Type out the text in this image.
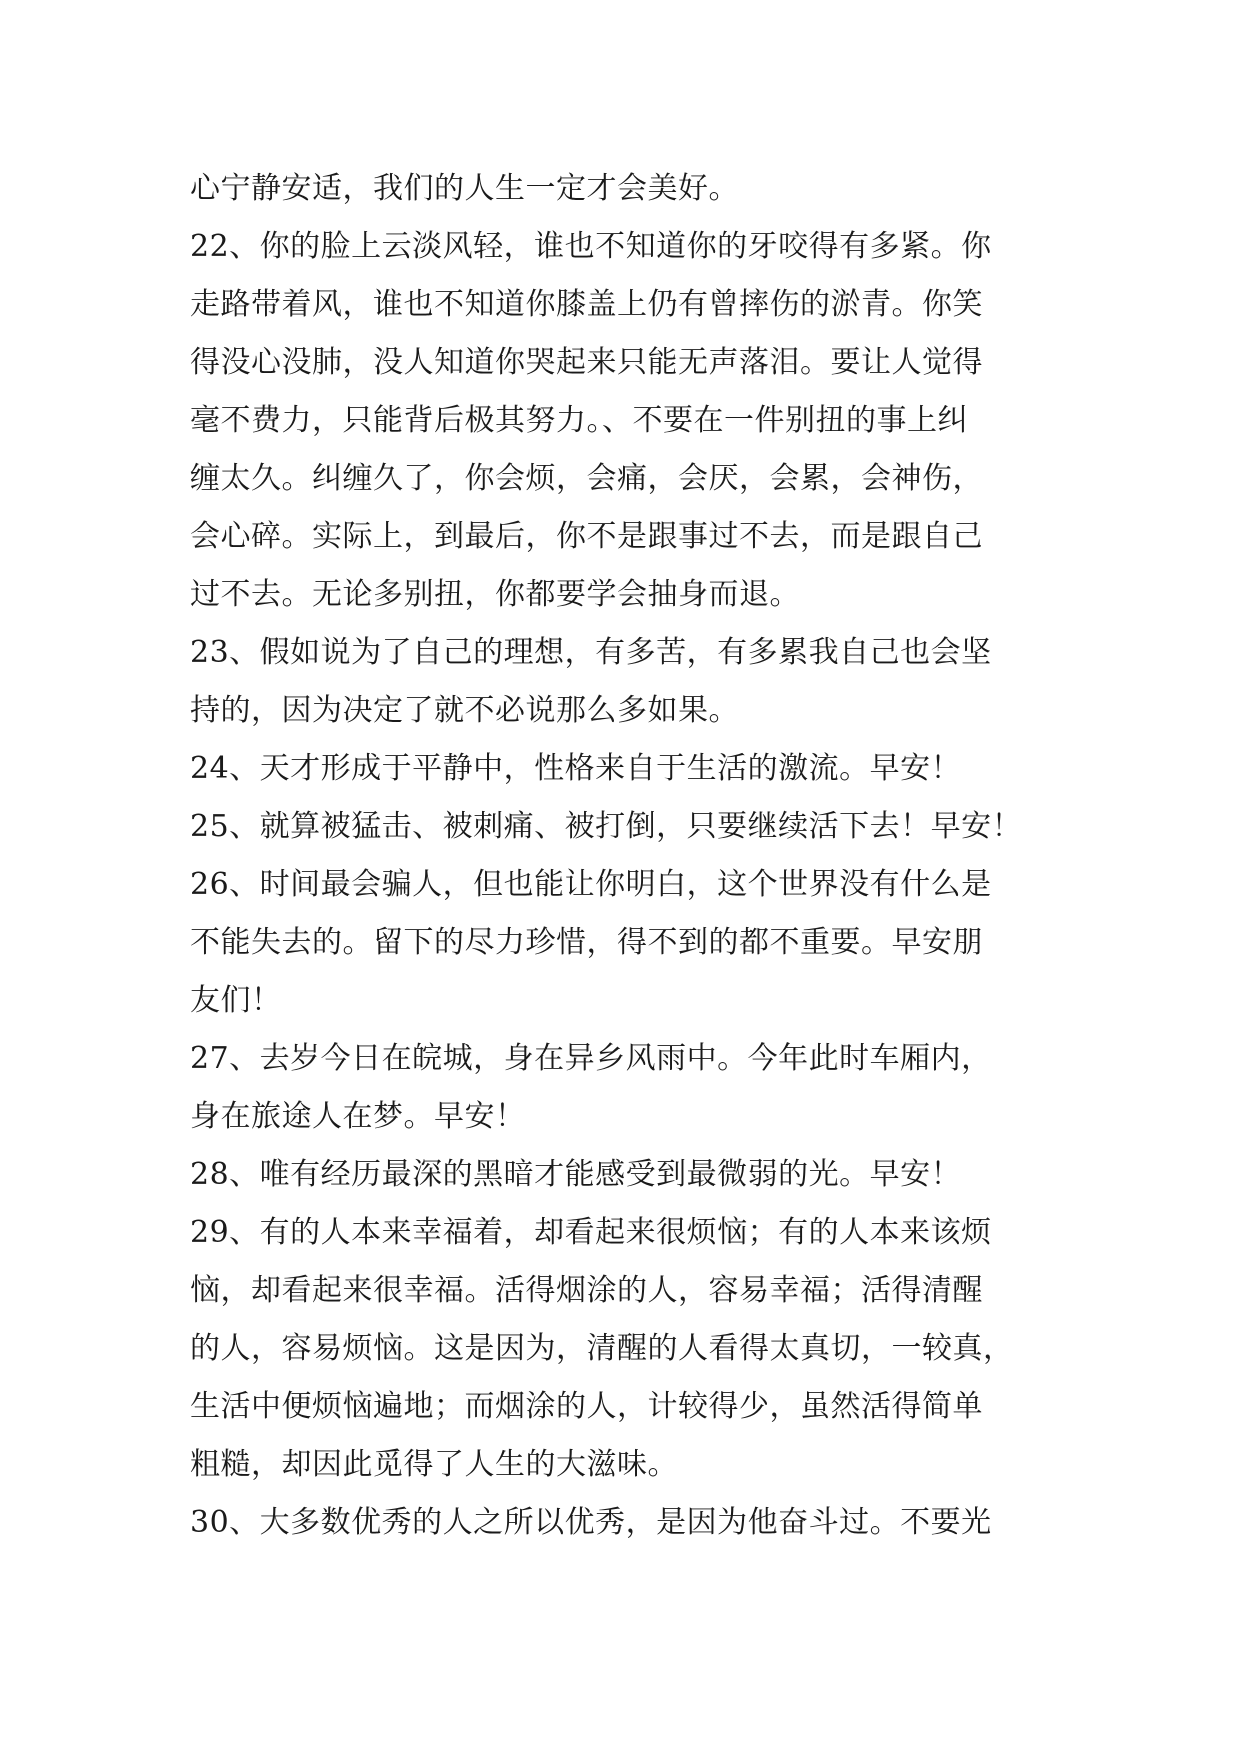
心宁静安适，我们的人生一定才会美好。
22、你的脸上云淡风轻，谁也不知道你的牙咬得有多紧。你
走路带着风，谁也不知道你膝盖上仍有曾摔伤的淤青。你笑
得没心没肺，没人知道你哭起来只能无声落泪。要让人觉得
毫不费力，只能背后极其努力。、不要在一件别扭的事上纠
缠太久。纠缠久了，你会烦，会痛，会厌，会累，会神伤，
会心碎。实际上，到最后，你不是跟事过不去，而是跟自己
过不去。无论多别扭，你都要学会抽身而退。
23、假如说为了自己的理想，有多苦，有多累我自己也会坚
持的，因为决定了就不必说那么多如果。
24、天才形成于平静中，性格来自于生活的激流。早安！
25、就算被猛击、被刺痛、被打倒，只要继续活下去！早安！
26、时间最会骗人，但也能让你明白，这个世界没有什么是
不能失去的。留下的尽力珍惜，得不到的都不重要。早安朋
友们！
27、去岁今日在皖城，身在异乡风雨中。今年此时车厢内，
身在旅途人在梦。早安！
28、唯有经历最深的黑暗才能感受到最微弱的光。早安！
29、有的人本来幸福着，却看起来很烦恼；有的人本来该烦
恼，却看起来很幸福。活得烟涂的人，容易幸福；活得清醒
的人，容易烦恼。这是因为，清醒的人看得太真切，一较真，
生活中便烦恼遍地；而烟涂的人，计较得少，虽然活得简单
粗糙，却因此觅得了人生的大滋味。
30、大多数优秀的人之所以优秀，是因为他奋斗过。不要光
